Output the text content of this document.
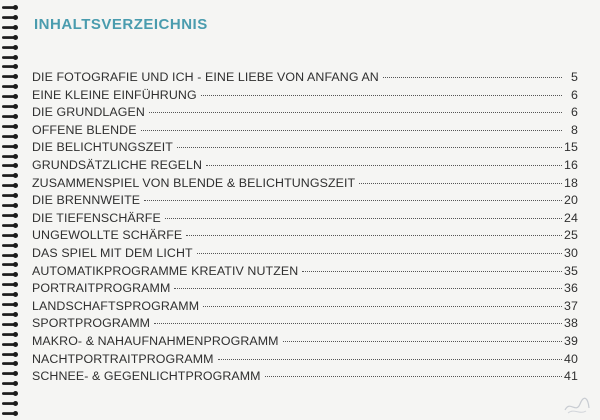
INHALTSVERZEICHNIS
DIE FOTOGRAFIE UND ICH - EINE LIEBE VON ANFANG AN	5
EINE KLEINE EINFÜHRUNG	6
DIE GRUNDLAGEN	6
OFFENE BLENDE	8
DIE BELICHTUNGSZEIT	15
GRUNDSÄTZLICHE REGELN	16
ZUSAMMENSPIEL VON BLENDE & BELICHTUNGSZEIT	18
DIE BRENNWEITE	20
DIE TIEFENSCHÄRFE	24
UNGEWOLLTE SCHÄRFE	25
DAS SPIEL MIT DEM LICHT	30
AUTOMATIKPROGRAMME KREATIV NUTZEN	35
PORTRAITPROGRAMM	36
LANDSCHAFTSPROGRAMM	37
SPORTPROGRAMM	38
MAKRO- & NAHAUFNAHMENPROGRAMM	39
NACHTPORTRAITPROGRAMM	40
SCHNEE- & GEGENLICHTPROGRAMM	41
